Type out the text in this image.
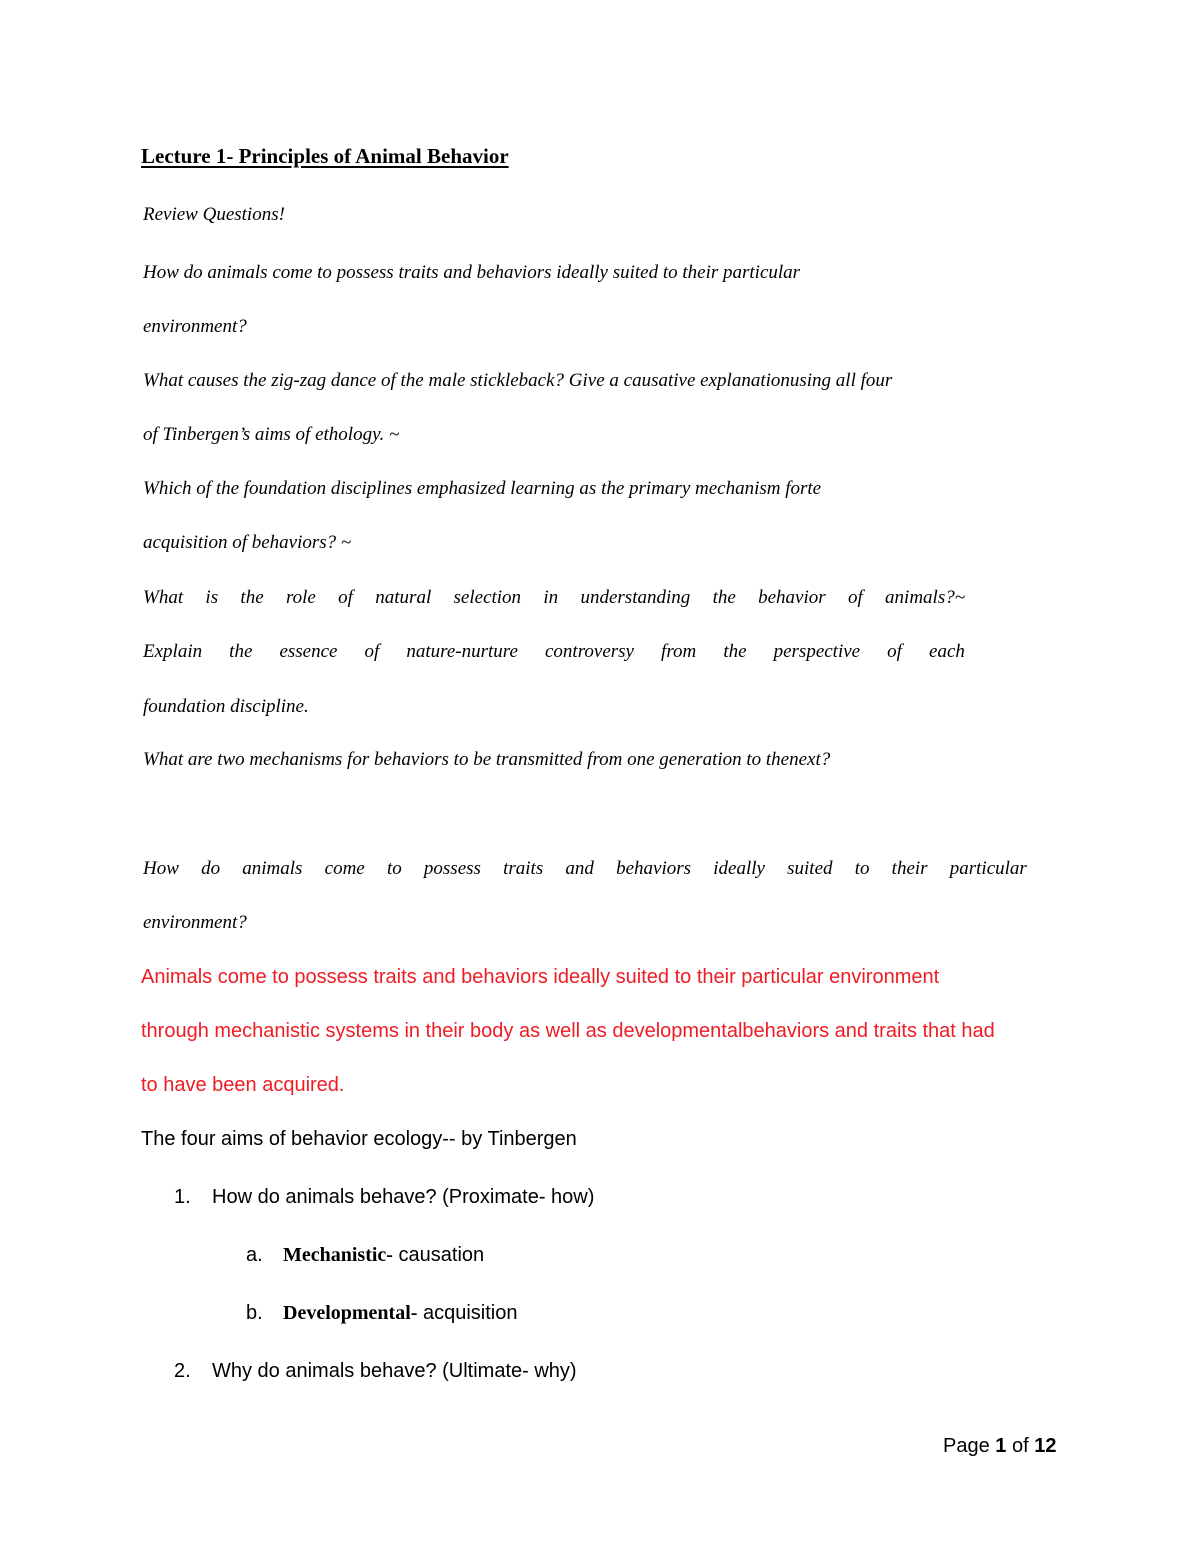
Lecture 1- Principles of Animal Behavior
Review Questions!
How do animals come to possess traits and behaviors ideally suited to their particular
environment?
What causes the zig-zag dance of the male stickleback? Give a causative explanationusing all four
of Tinbergen’s aims of ethology. ~
Which of the foundation disciplines emphasized learning as the primary mechanism forte
acquisition of behaviors? ~
What is the role of natural selection in understanding the behavior of animals?~
Explain the essence of nature-nurture controversy from the perspective of each
foundation discipline.
What are two mechanisms for behaviors to be transmitted from one generation to thenext?
How do animals come to possess traits and behaviors ideally suited to their particular
environment?
Animals come to possess traits and behaviors ideally suited to their particular environment
through mechanistic systems in their body as well as developmentalbehaviors and traits that had
to have been acquired.
The four aims of behavior ecology-- by Tinbergen
1. How do animals behave? (Proximate- how)
a. Mechanistic- causation
b. Developmental- acquisition
2. Why do animals behave? (Ultimate- why)
Page 1 of 12
